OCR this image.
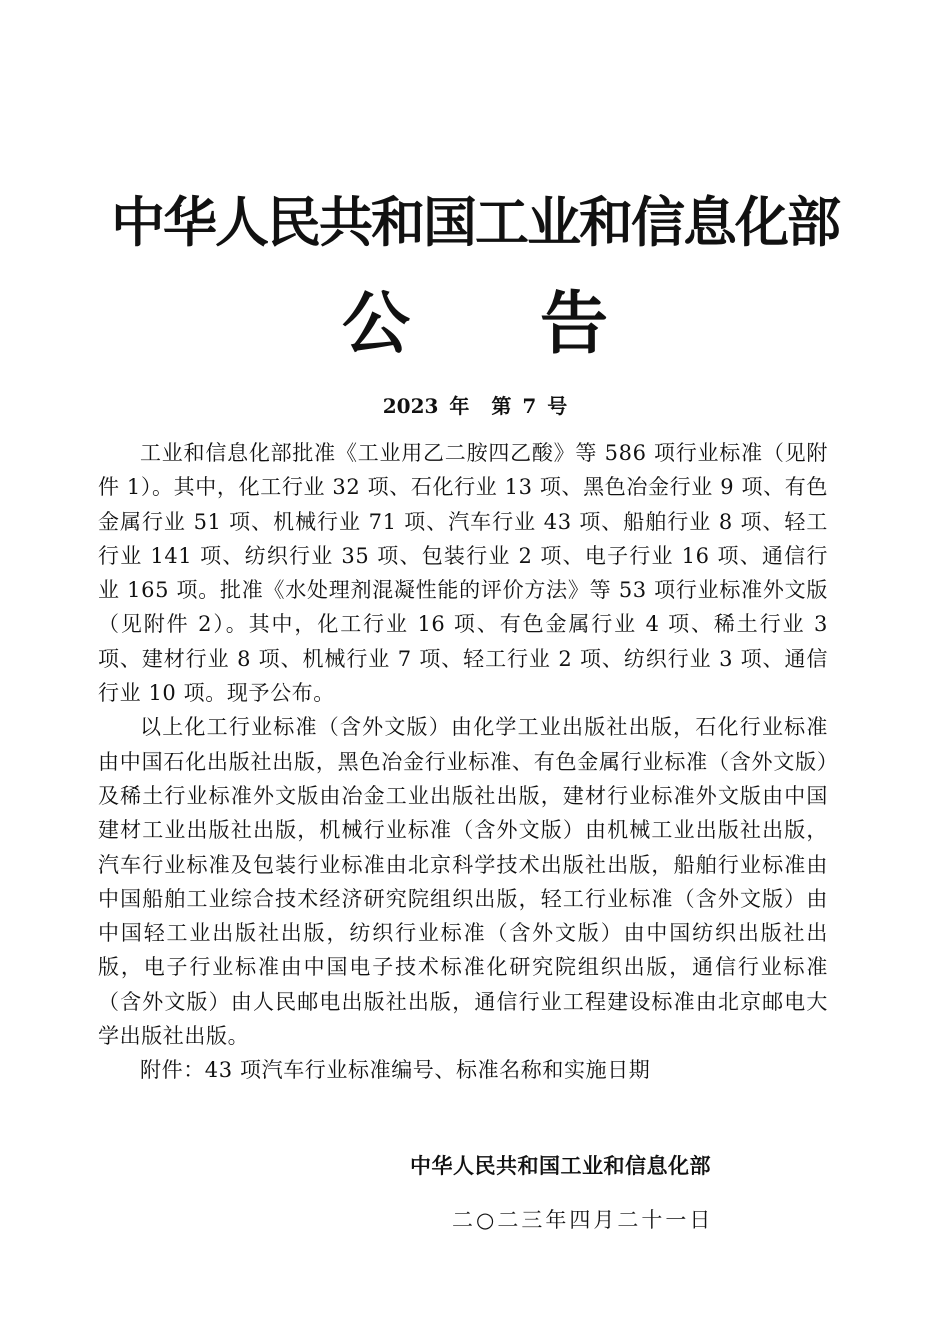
中华人民共和国工业和信息化部
公告
2023 年 第 7 号

工业和信息化部批准《工业用乙二胺四乙酸》等 586 项行业标准（见附件 1）。其中，化工行业 32 项、石化行业 13 项、黑色冶金行业 9 项、有色金属行业 51 项、机械行业 71 项、汽车行业 43 项、船舶行业 8 项、轻工行业 141 项、纺织行业 35 项、包装行业 2 项、电子行业 16 项、通信行业 165 项。批准《水处理剂混凝性能的评价方法》等 53 项行业标准外文版（见附件 2）。其中，化工行业 16 项、有色金属行业 4 项、稀土行业 3 项、建材行业 8 项、机械行业 7 项、轻工行业 2 项、纺织行业 3 项、通信行业 10 项。现予公布。

以上化工行业标准（含外文版）由化学工业出版社出版，石化行业标准由中国石化出版社出版，黑色冶金行业标准、有色金属行业标准（含外文版）及稀土行业标准外文版由冶金工业出版社出版，建材行业标准外文版由中国建材工业出版社出版，机械行业标准（含外文版）由机械工业出版社出版，汽车行业标准及包装行业标准由北京科学技术出版社出版，船舶行业标准由中国船舶工业综合技术经济研究院组织出版，轻工行业标准（含外文版）由中国轻工业出版社出版，纺织行业标准（含外文版）由中国纺织出版社出版，电子行业标准由中国电子技术标准化研究院组织出版，通信行业标准（含外文版）由人民邮电出版社出版，通信行业工程建设标准由北京邮电大学出版社出版。

附件：43 项汽车行业标准编号、标准名称和实施日期

中华人民共和国工业和信息化部
二○二三年四月二十一日
